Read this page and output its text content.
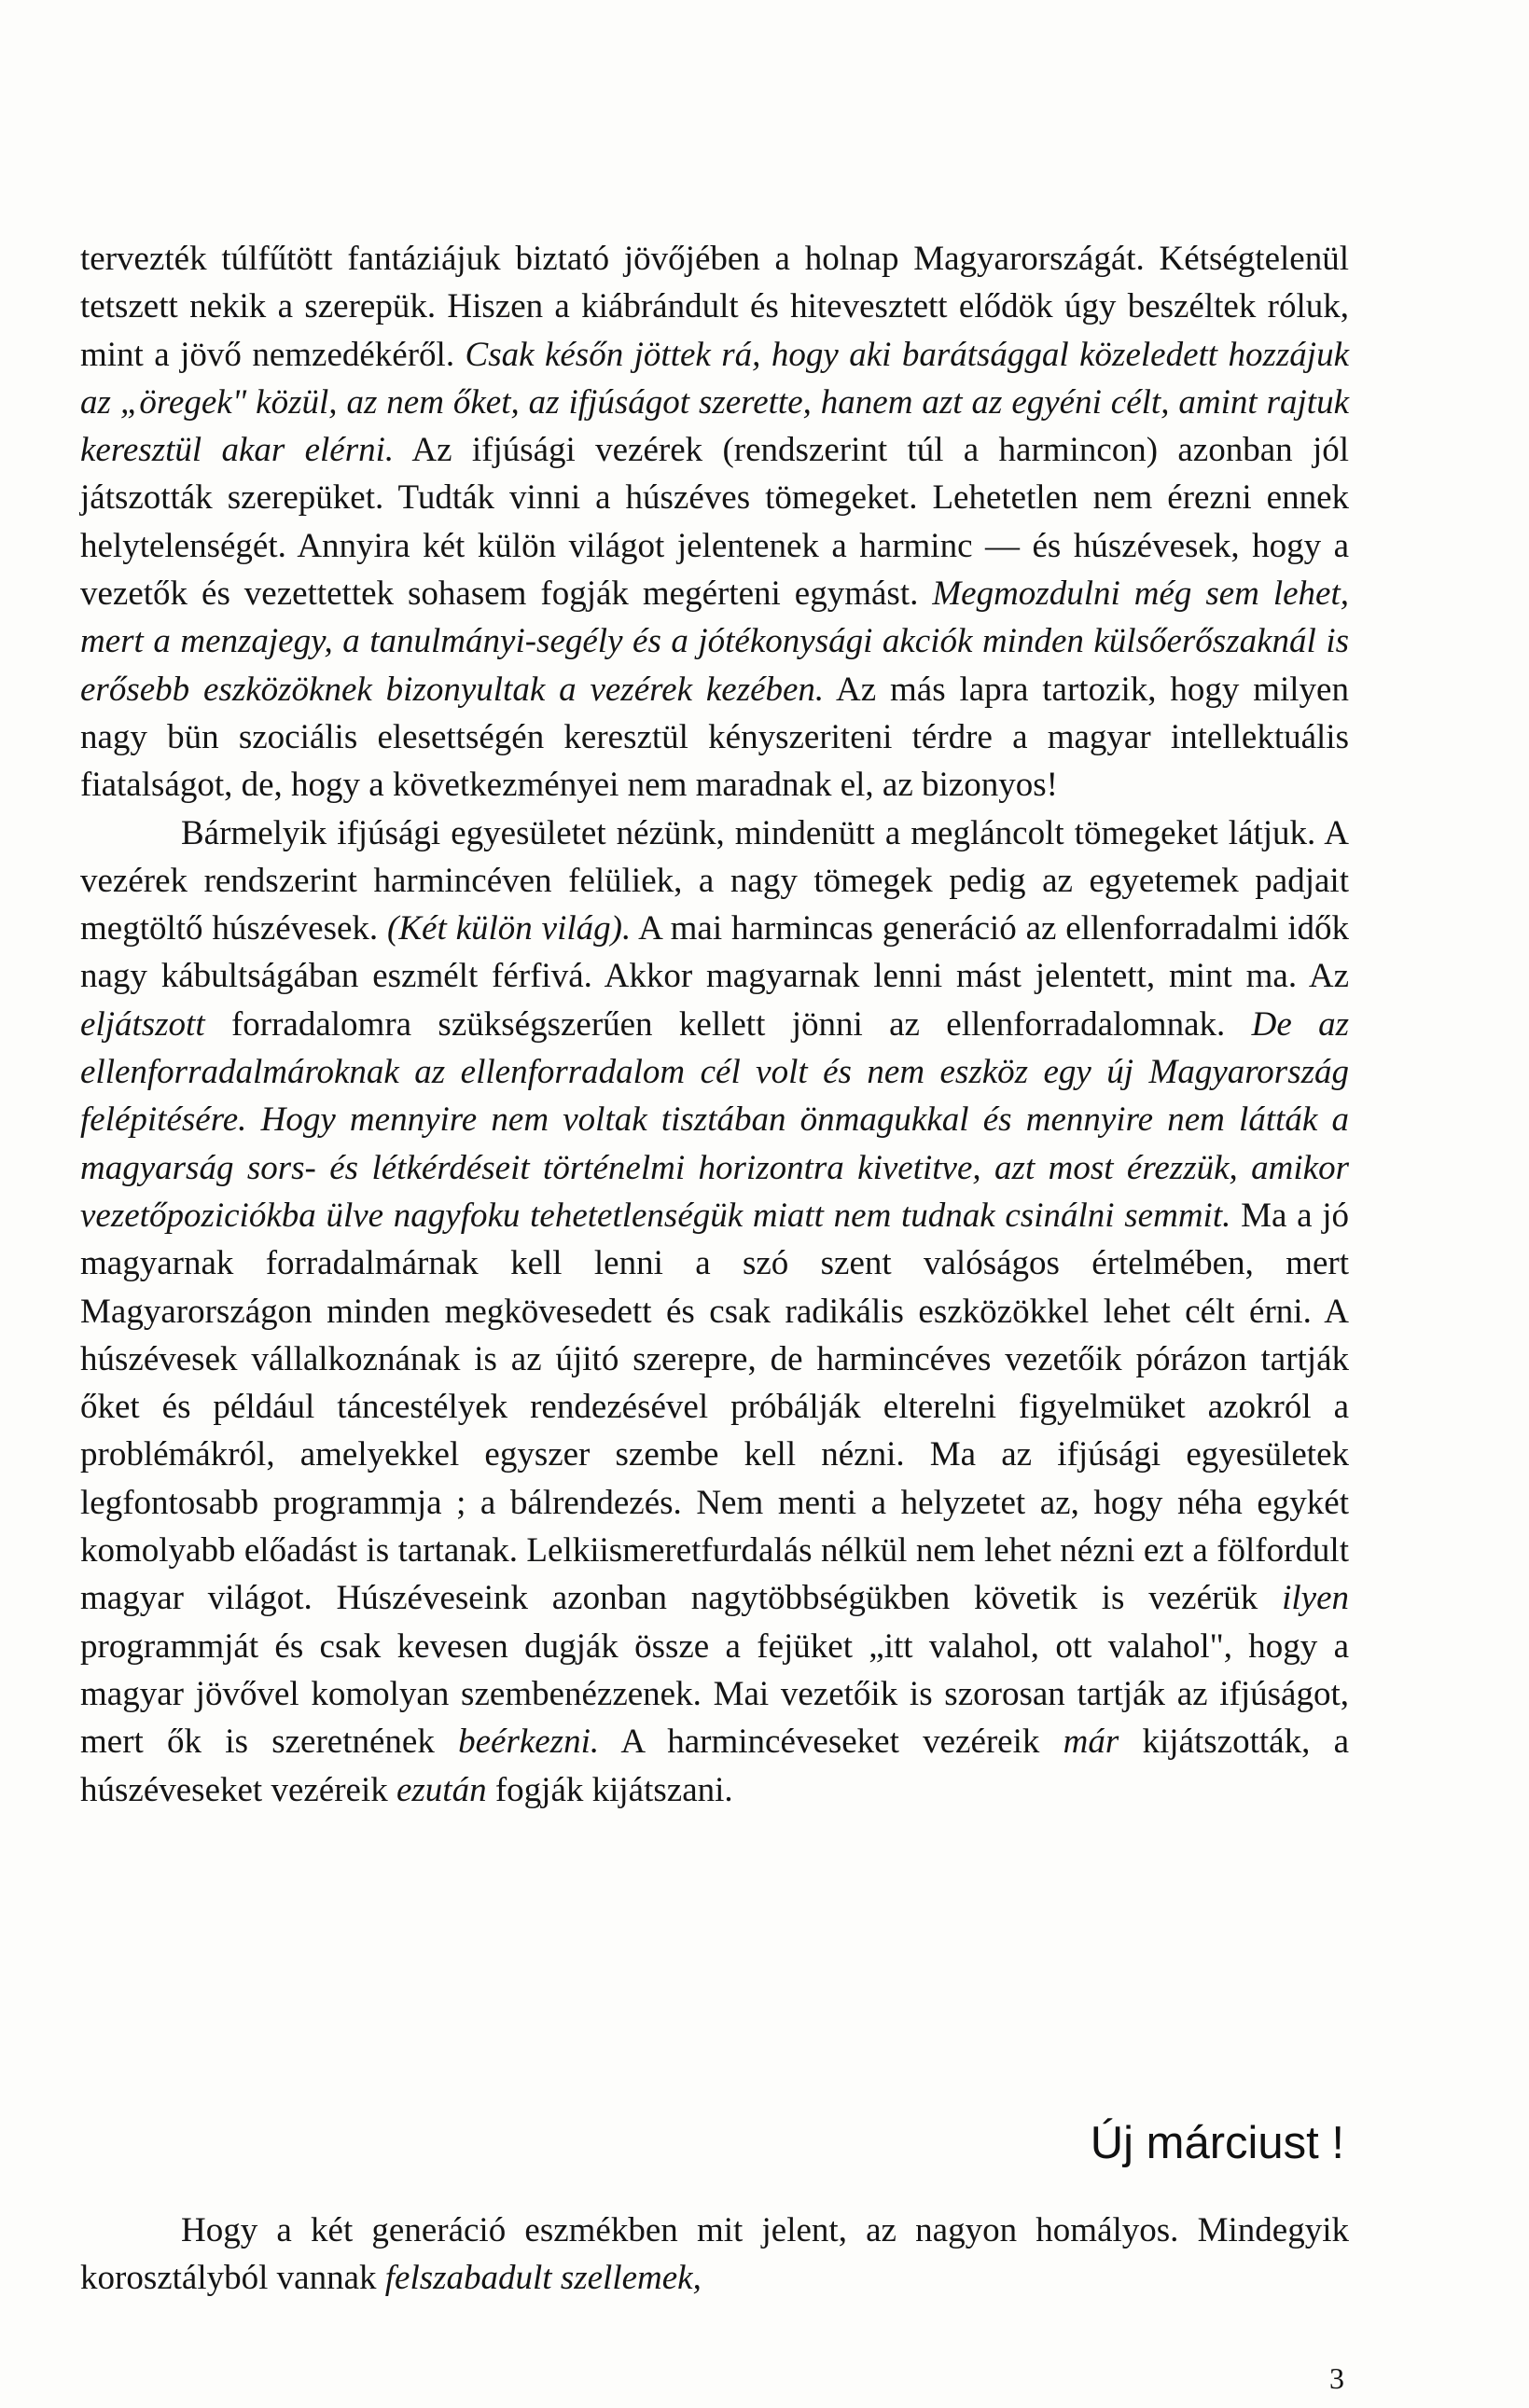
tervezték túlfűtött fantáziájuk biztató jövőjében a holnap Magyarországát. Kétségtelenül tetszett nekik a szerepük. Hiszen a kiábrándult és hitevesztett elődök úgy beszéltek róluk, mint a jövő nemzedékéről. Csak későn jöttek rá, hogy aki barátsággal közeledett hozzájuk az „öregek" közül, az nem őket, az ifjúságot szerette, hanem azt az egyéni célt, amint rajtuk keresztül akar elérni. Az ifjúsági vezérek (rendszerint túl a harmincon) azonban jól játszották szerepüket. Tudták vinni a húszéves tömegeket. Lehetetlen nem érezni ennek helytelenségét. Annyira két külön világot jelentenek a harminc — és húszévesek, hogy a vezetők és vezettettek sohasem fogják megérteni egymást. Megmozdulni még sem lehet, mert a menzajegy, a tanulmányi-segély és a jótékonysági akciók minden külsőerőszaknál is erősebb eszközöknek bizonyultak a vezérek kezében. Az más lapra tartozik, hogy milyen nagy bün szociális elesettségén keresztül kényszeriteni térdre a magyar intellektuális fiatalságot, de, hogy a következményei nem maradnak el, az bizonyos!

Bármelyik ifjúsági egyesületet nézünk, mindenütt a megláncolt tömegeket látjuk. A vezérek rendszerint harmincéven felüliek, a nagy tömegek pedig az egyetemek padjait megtöltő húszévesek. (Két külön világ). A mai harmincas generáció az ellenforradalmi idők nagy kábultságában eszmélt férfivá. Akkor magyarnak lenni mást jelentett, mint ma. Az eljátszott forradalomra szükségszerűen kellett jönni az ellenforradalomnak. De az ellenforradalmároknak az ellenforradalom cél volt és nem eszköz egy új Magyarország felépitésére. Hogy mennyire nem voltak tisztában önmagukkal és mennyire nem látták a magyarság sors- és létkérdéseit történelmi horizontra kivetitve, azt most érezzük, amikor vezetőpoziciókba ülve nagyfoku tehetetlenségük miatt nem tudnak csinálni semmit. Ma a jó magyarnak forradalmárnak kell lenni a szó szent valóságos értelmében, mert Magyarországon minden megkövesedett és csak radikális eszközökkel lehet célt érni. A húszévesek vállalkoznának is az újitó szerepre, de harmincéves vezetőik pórázon tartják őket és például táncestélyek rendezésével próbálják elterelni figyelmüket azokról a problémákról, amelyekkel egyszer szembe kell nézni. Ma az ifjúsági egyesületek legfontosabb programmja ; a bálrendezés. Nem menti a helyzetet az, hogy néha egykét komolyabb előadást is tartanak. Lelkiismeretfurdalás nélkül nem lehet nézni ezt a fölfordult magyar világot. Húszéveseink azonban nagytöbbségükben követik is vezérük ilyen programmját és csak kevesen dugják össze a fejüket „itt valahol, ott valahol", hogy a magyar jövővel komolyan szembenézzenek. Mai vezetőik is szorosan tartják az ifjúságot, mert ők is szeretnének beérkezni. A harmincéveseket vezéreik már kijátszották, a húszéveseket vezéreik ezután fogják kijátszani.

Új márciust !

Hogy a két generáció eszmékben mit jelent, az nagyon homályos. Mindegyik korosztályból vannak felszabadult szellemek,

3
